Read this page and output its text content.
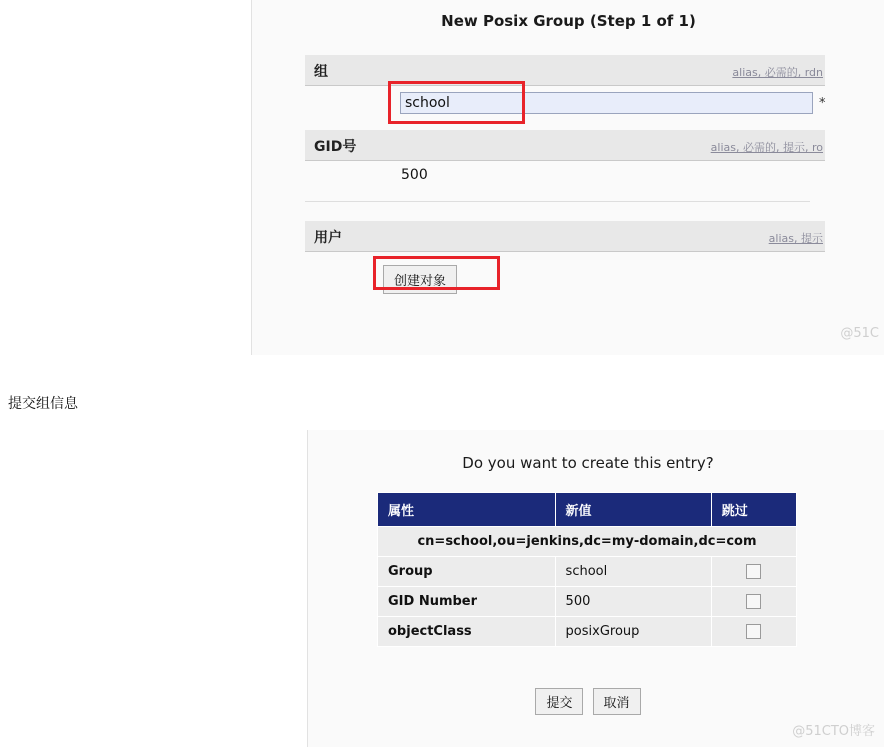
New Posix Group (Step 1 of 1)
组	alias, 必需的, rdn
school
*
GID号	alias, 必需的, 提示, ro
500
用户	alias, 提示
创建对象
@51C
提交组信息
Do you want to create this entry?
属性	新值	跳过
cn=school,ou=jenkins,dc=my-domain,dc=com		
Group	school	
GID Number	500	
objectClass	posixGroup	
提交 取消
@51CTO博客
